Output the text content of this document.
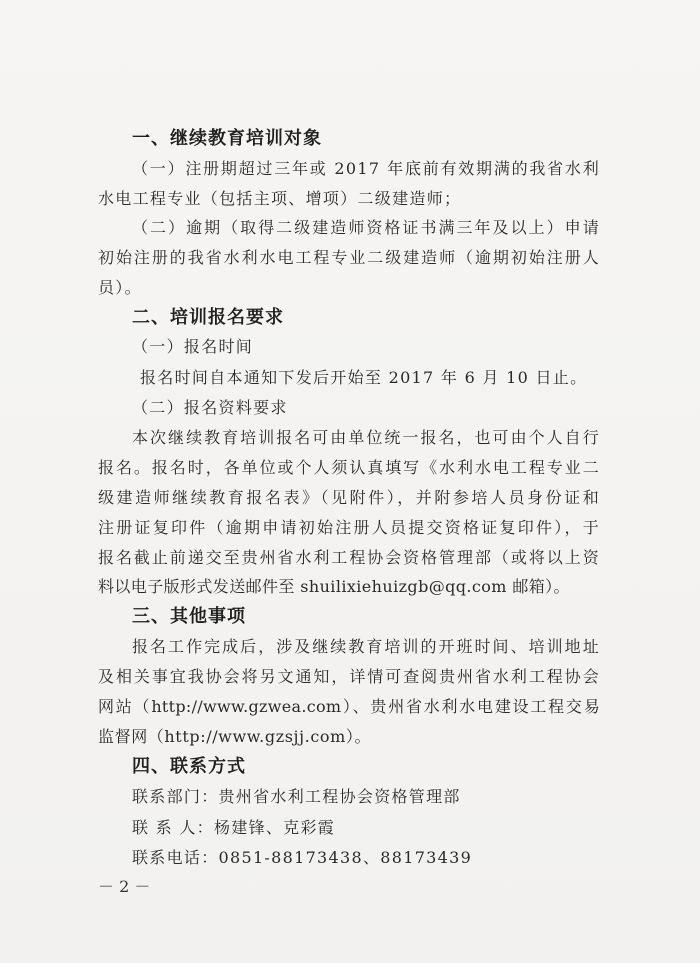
一、继续教育培训对象
（一）注册期超过三年或 2017 年底前有效期满的我省水利
水电工程专业（包括主项、增项）二级建造师；
（二）逾期（取得二级建造师资格证书满三年及以上）申请
初始注册的我省水利水电工程专业二级建造师（逾期初始注册人
员）。
二、培训报名要求
（一）报名时间
报名时间自本通知下发后开始至 2017 年 6 月 10 日止。
（二）报名资料要求
本次继续教育培训报名可由单位统一报名，也可由个人自行
报名。报名时，各单位或个人须认真填写《水利水电工程专业二
级建造师继续教育报名表》（见附件），并附参培人员身份证和
注册证复印件（逾期申请初始注册人员提交资格证复印件），于
报名截止前递交至贵州省水利工程协会资格管理部（或将以上资
料以电子版形式发送邮件至 shuilixiehuizgb@qq.com 邮箱）。
三、其他事项
报名工作完成后，涉及继续教育培训的开班时间、培训地址
及相关事宜我协会将另文通知，详情可查阅贵州省水利工程协会
网站（http://www.gzwea.com）、贵州省水利水电建设工程交易
监督网（http://www.gzsjj.com）。
四、联系方式
联系部门：贵州省水利工程协会资格管理部
联 系 人：杨建锋、克彩霞
联系电话：0851-88173438、88173439
－ 2 －
